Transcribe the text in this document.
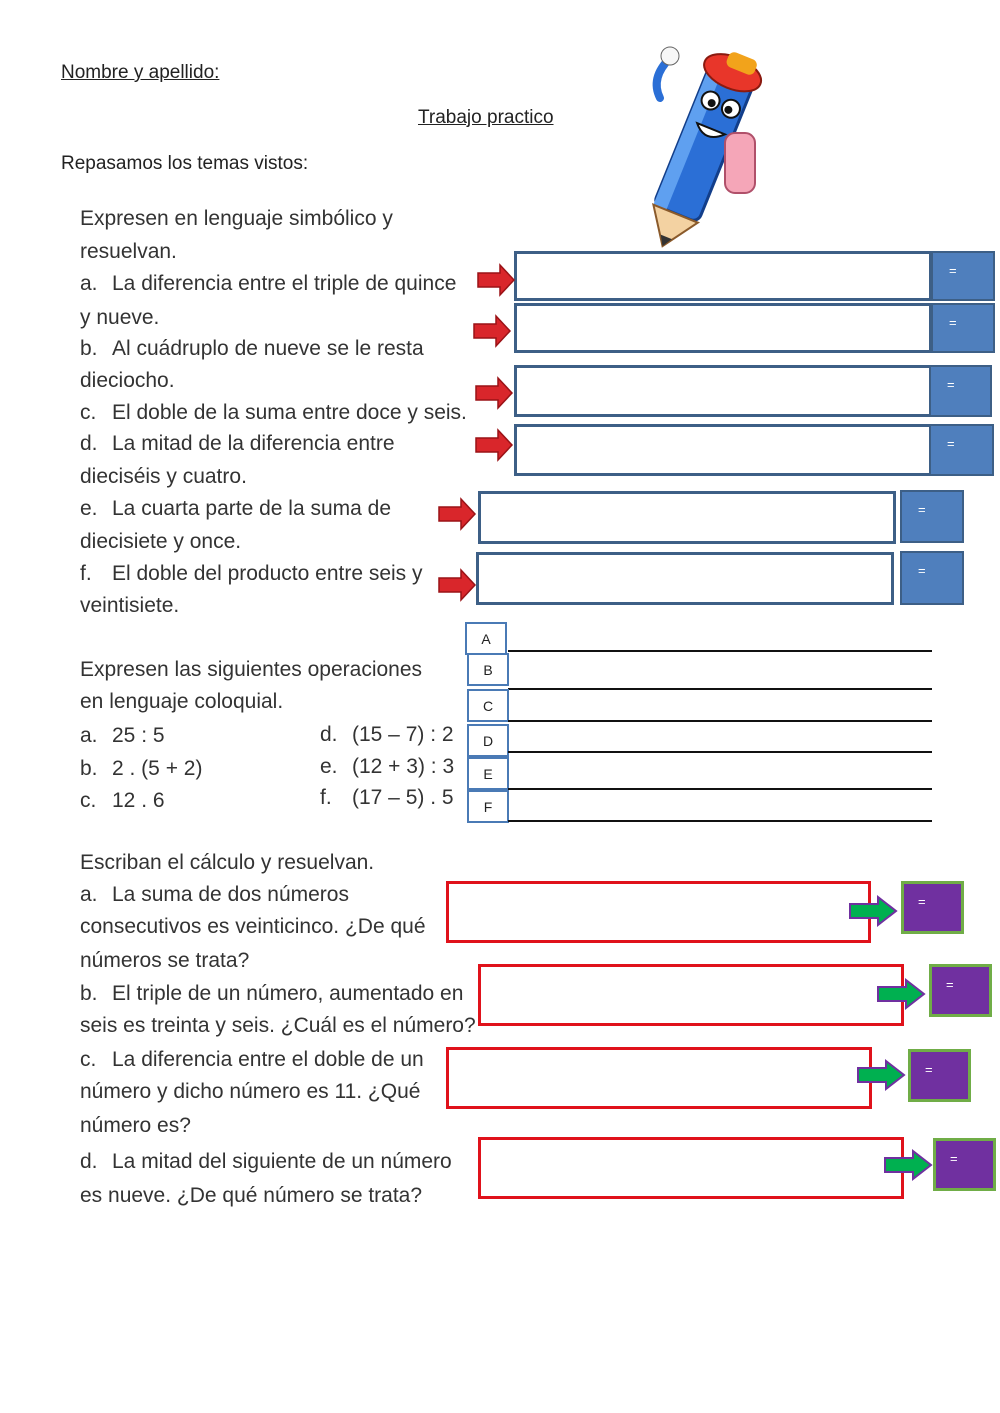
Nombre y apellido:
Trabajo practico
Repasamos los temas vistos:
Expresen en lenguaje simbólico y
resuelvan.
a. La diferencia entre el triple de quince
y nueve.
b. Al cuádruplo de nueve se le resta
dieciocho.
c. El doble de la suma entre doce y seis.
d. La mitad de la diferencia entre
dieciséis y cuatro.
e. La cuarta parte de la suma de
diecisiete y once.
f. El doble del producto entre seis y
veintisiete.
=
=
=
=
=
=
Expresen las siguientes operaciones
en lenguaje coloquial.
a. 25 : 5
b. 2 . (5 + 2)
c. 12 . 6
d. (15 – 7) : 2
e. (12 + 3) : 3
f. (17 – 5) . 5
A
B
C
D
E
F
Escriban el cálculo y resuelvan.
a. La suma de dos números
consecutivos es veinticinco. ¿De qué
números se trata?
b. El triple de un número, aumentado en
seis es treinta y seis. ¿Cuál es el número?
c. La diferencia entre el doble de un
número y dicho número es 11. ¿Qué
número es?
d. La mitad del siguiente de un número
es nueve. ¿De qué número se trata?
=
=
=
=
